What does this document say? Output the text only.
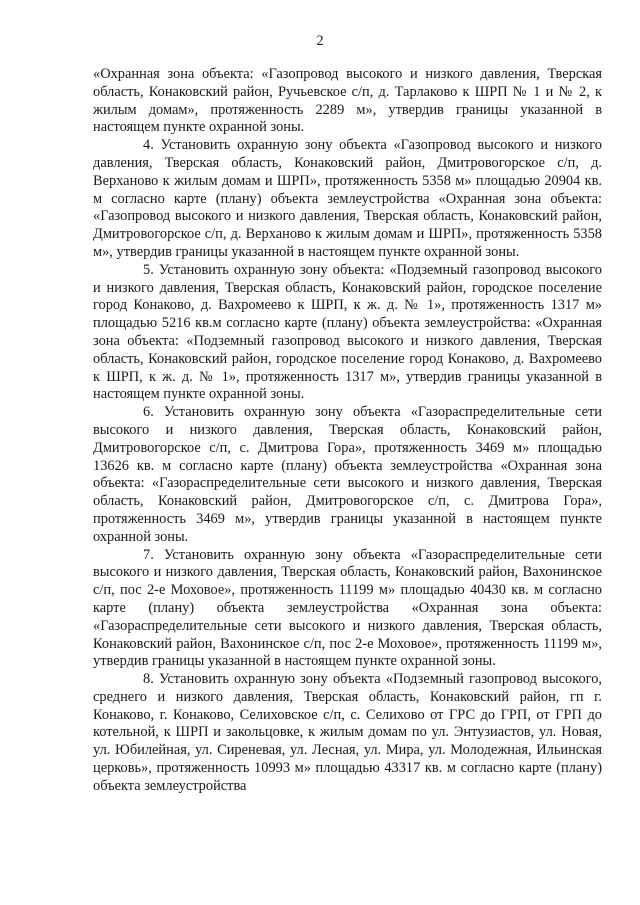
2

«Охранная зона объекта: «Газопровод высокого и низкого давления, Тверская область, Конаковский район, Ручьевское с/п, д. Тарлаково к ШРП № 1 и № 2, к жилым домам», протяженность 2289 м», утвердив границы указанной в настоящем пункте охранной зоны.

4. Установить охранную зону объекта «Газопровод высокого и низкого давления, Тверская область, Конаковский район, Дмитровогорское с/п, д. Верханово к жилым домам и ШРП», протяженность 5358 м» площадью 20904 кв. м согласно карте (плану) объекта землеустройства «Охранная зона объекта: «Газопровод высокого и низкого давления, Тверская область, Конаковский район, Дмитровогорское с/п, д. Верханово к жилым домам и ШРП», протяженность 5358 м», утвердив границы указанной в настоящем пункте охранной зоны.

5. Установить охранную зону объекта: «Подземный газопровод высокого и низкого давления, Тверская область, Конаковский район, городское поселение город Конаково, д. Вахромеево к ШРП, к ж. д. № 1», протяженность 1317 м» площадью 5216 кв.м согласно карте (плану) объекта землеустройства: «Охранная зона объекта: «Подземный газопровод высокого и низкого давления, Тверская область, Конаковский район, городское поселение город Конаково, д. Вахромеево к ШРП, к ж. д. № 1», протяженность 1317 м», утвердив границы указанной в настоящем пункте охранной зоны.

6. Установить охранную зону объекта «Газораспределительные сети высокого и низкого давления, Тверская область, Конаковский район, Дмитровогорское с/п, с. Дмитрова Гора», протяженность 3469 м» площадью 13626 кв. м согласно карте (плану) объекта землеустройства «Охранная зона объекта: «Газораспределительные сети высокого и низкого давления, Тверская область, Конаковский район, Дмитровогорское с/п, с. Дмитрова Гора», протяженность 3469 м», утвердив границы указанной в настоящем пункте охранной зоны.

7. Установить охранную зону объекта «Газораспределительные сети высокого и низкого давления, Тверская область, Конаковский район, Вахонинское с/п, пос 2-е Моховое», протяженность 11199 м» площадью 40430 кв. м согласно карте (плану) объекта землеустройства «Охранная зона объекта: «Газораспределительные сети высокого и низкого давления, Тверская область, Конаковский район, Вахонинское с/п, пос 2-е Моховое», протяженность 11199 м», утвердив границы указанной в настоящем пункте охранной зоны.

8. Установить охранную зону объекта «Подземный газопровод высокого, среднего и низкого давления, Тверская область, Конаковский район, гп г. Конаково, г. Конаково, Селиховское с/п, с. Селихово от ГРС до ГРП, от ГРП до котельной, к ШРП и закольцовке, к жилым домам по ул. Энтузиастов, ул. Новая, ул. Юбилейная, ул. Сиреневая, ул. Лесная, ул. Мира, ул. Молодежная, Ильинская церковь», протяженность 10993 м» площадью 43317 кв. м согласно карте (плану) объекта землеустройства
